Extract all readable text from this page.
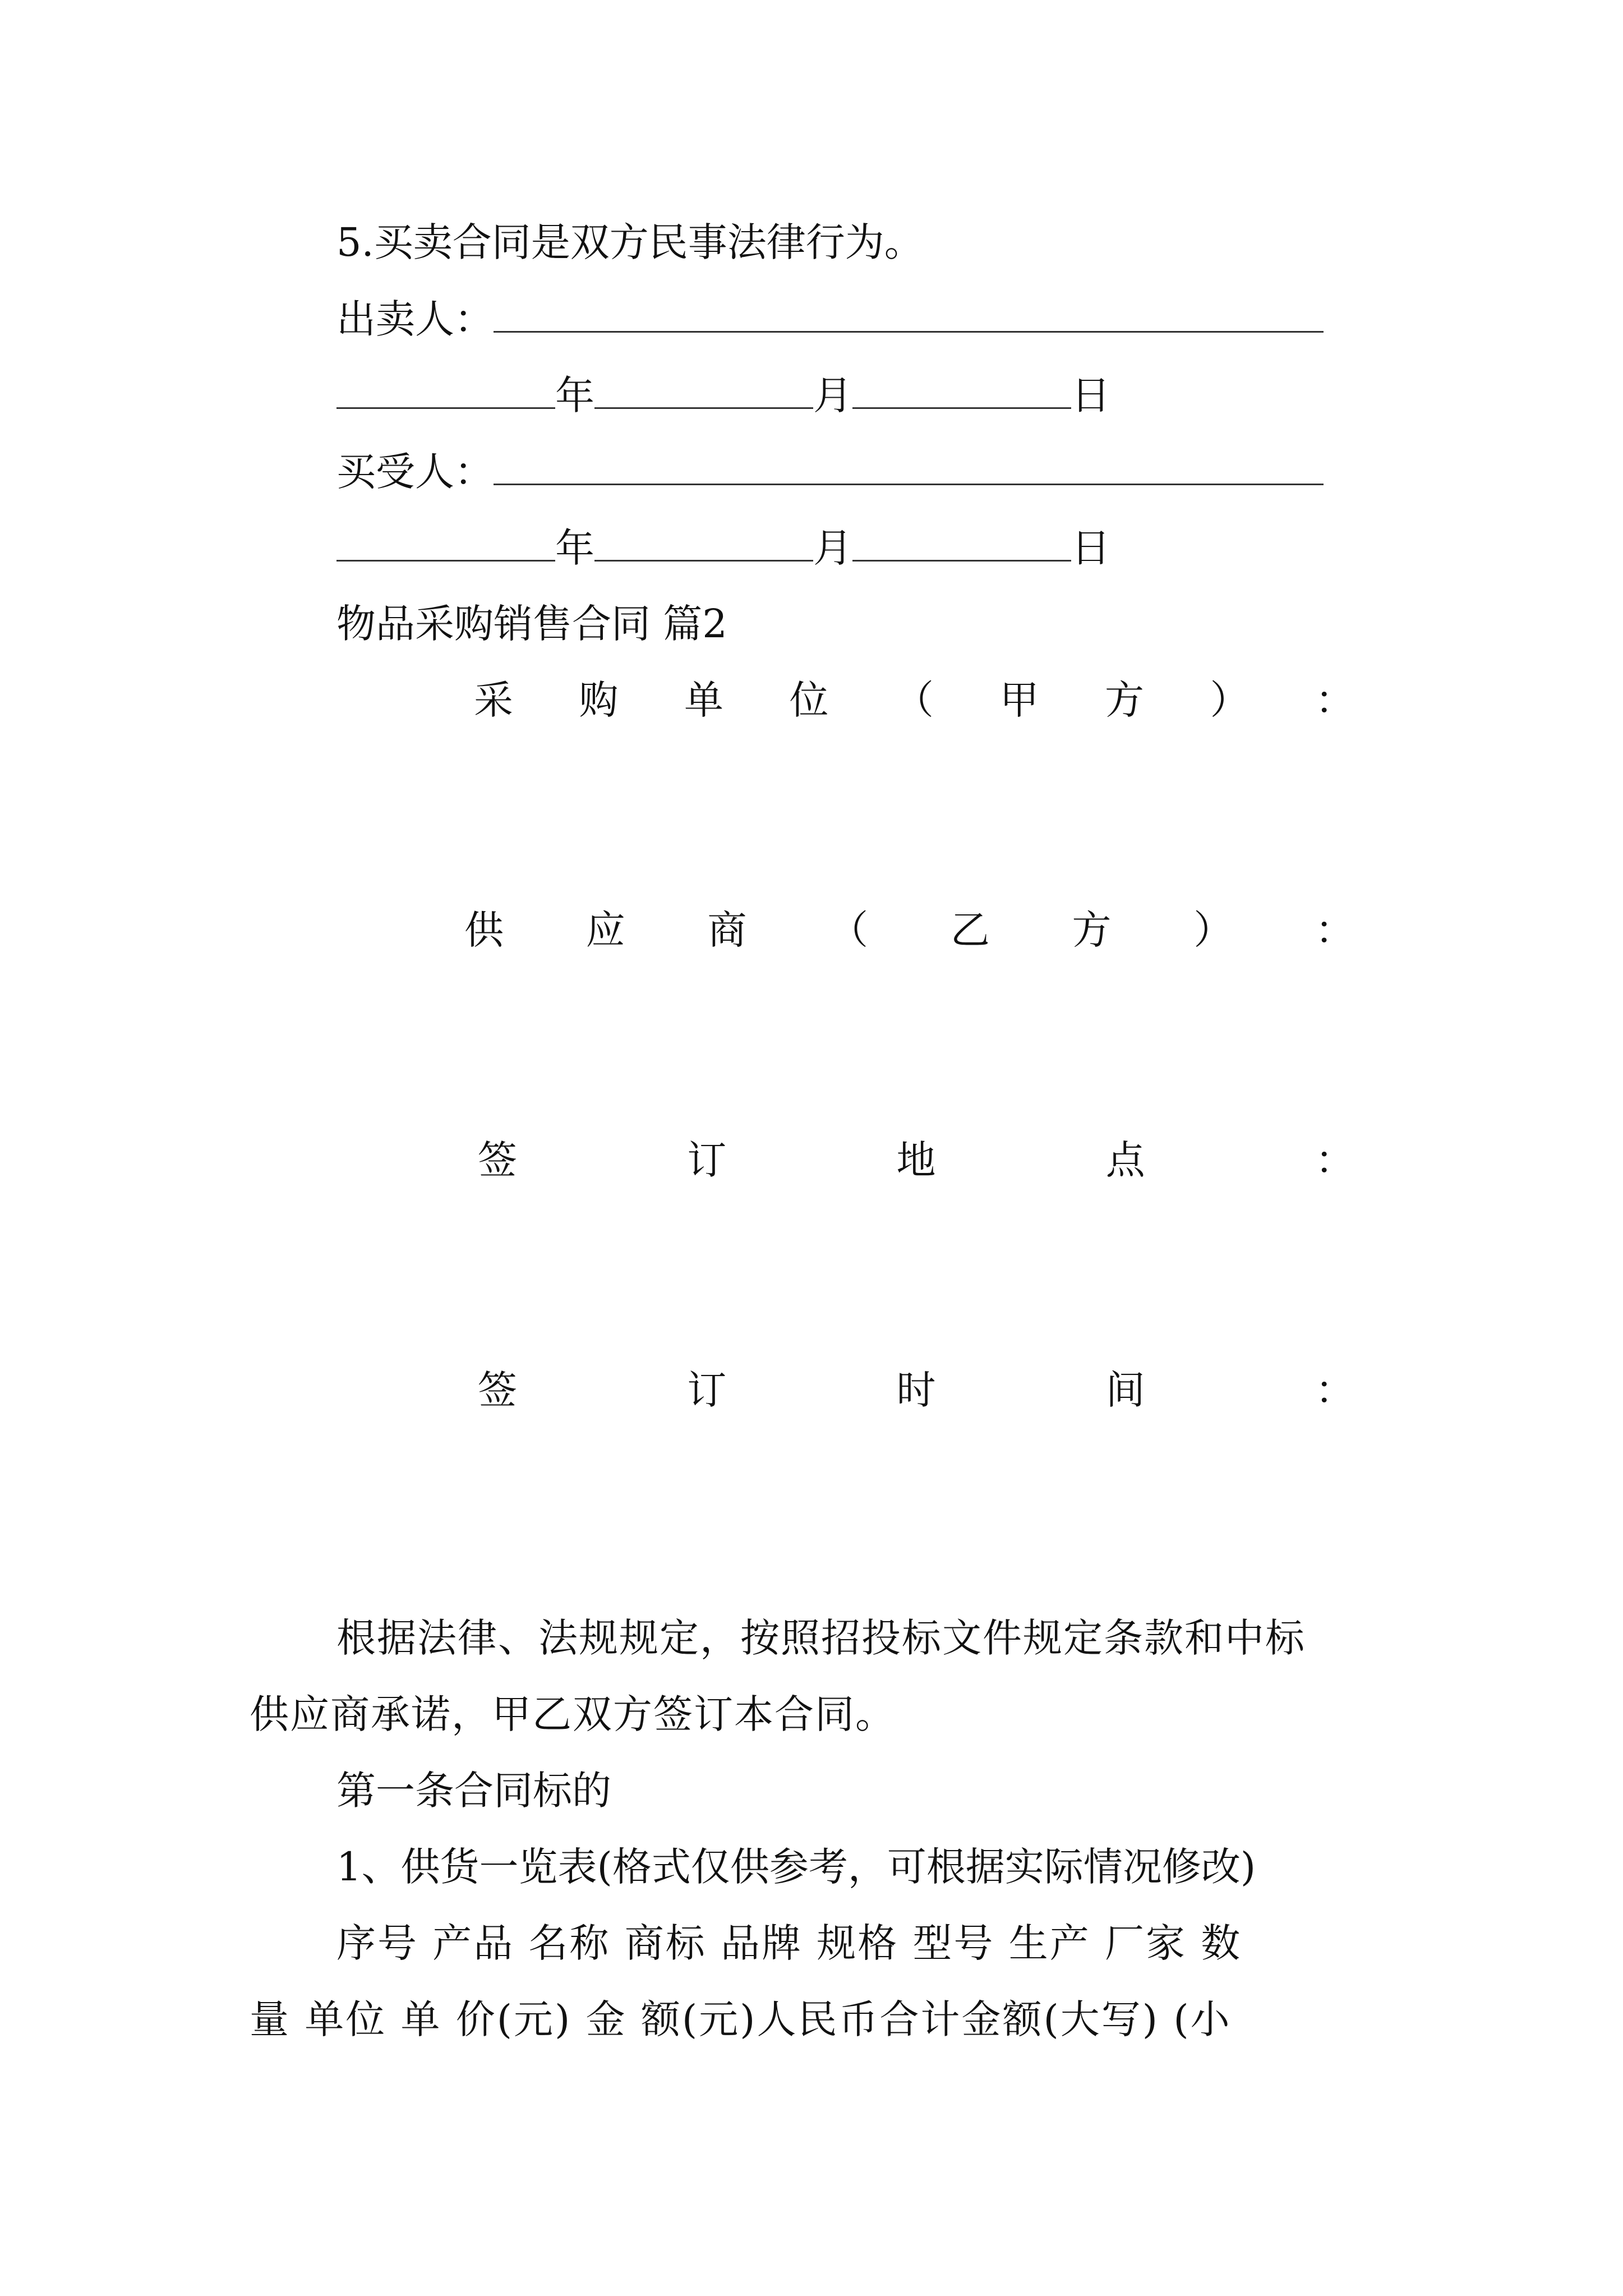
5.买卖合同是双方民事法律行为。
出卖人：
年	月	日
买受人：
年	月	日
物品采购销售合同 篇2
采 购 单 位 （ 甲 方 ） ：
供 应 商 （ 乙 方 ） ：
签	订	地	点	：
签	订	时	间	：
根据法律、法规规定，按照招投标文件规定条款和中标
供应商承诺，甲乙双方签订本合同。
第一条合同标的
1、供货一览表(格式仅供参考，可根据实际情况修改)
序号 产品 名称 商标 品牌 规格 型号 生产 厂家 数
量 单位 单 价(元) 金 额(元)人民币合计金额(大写) (小
